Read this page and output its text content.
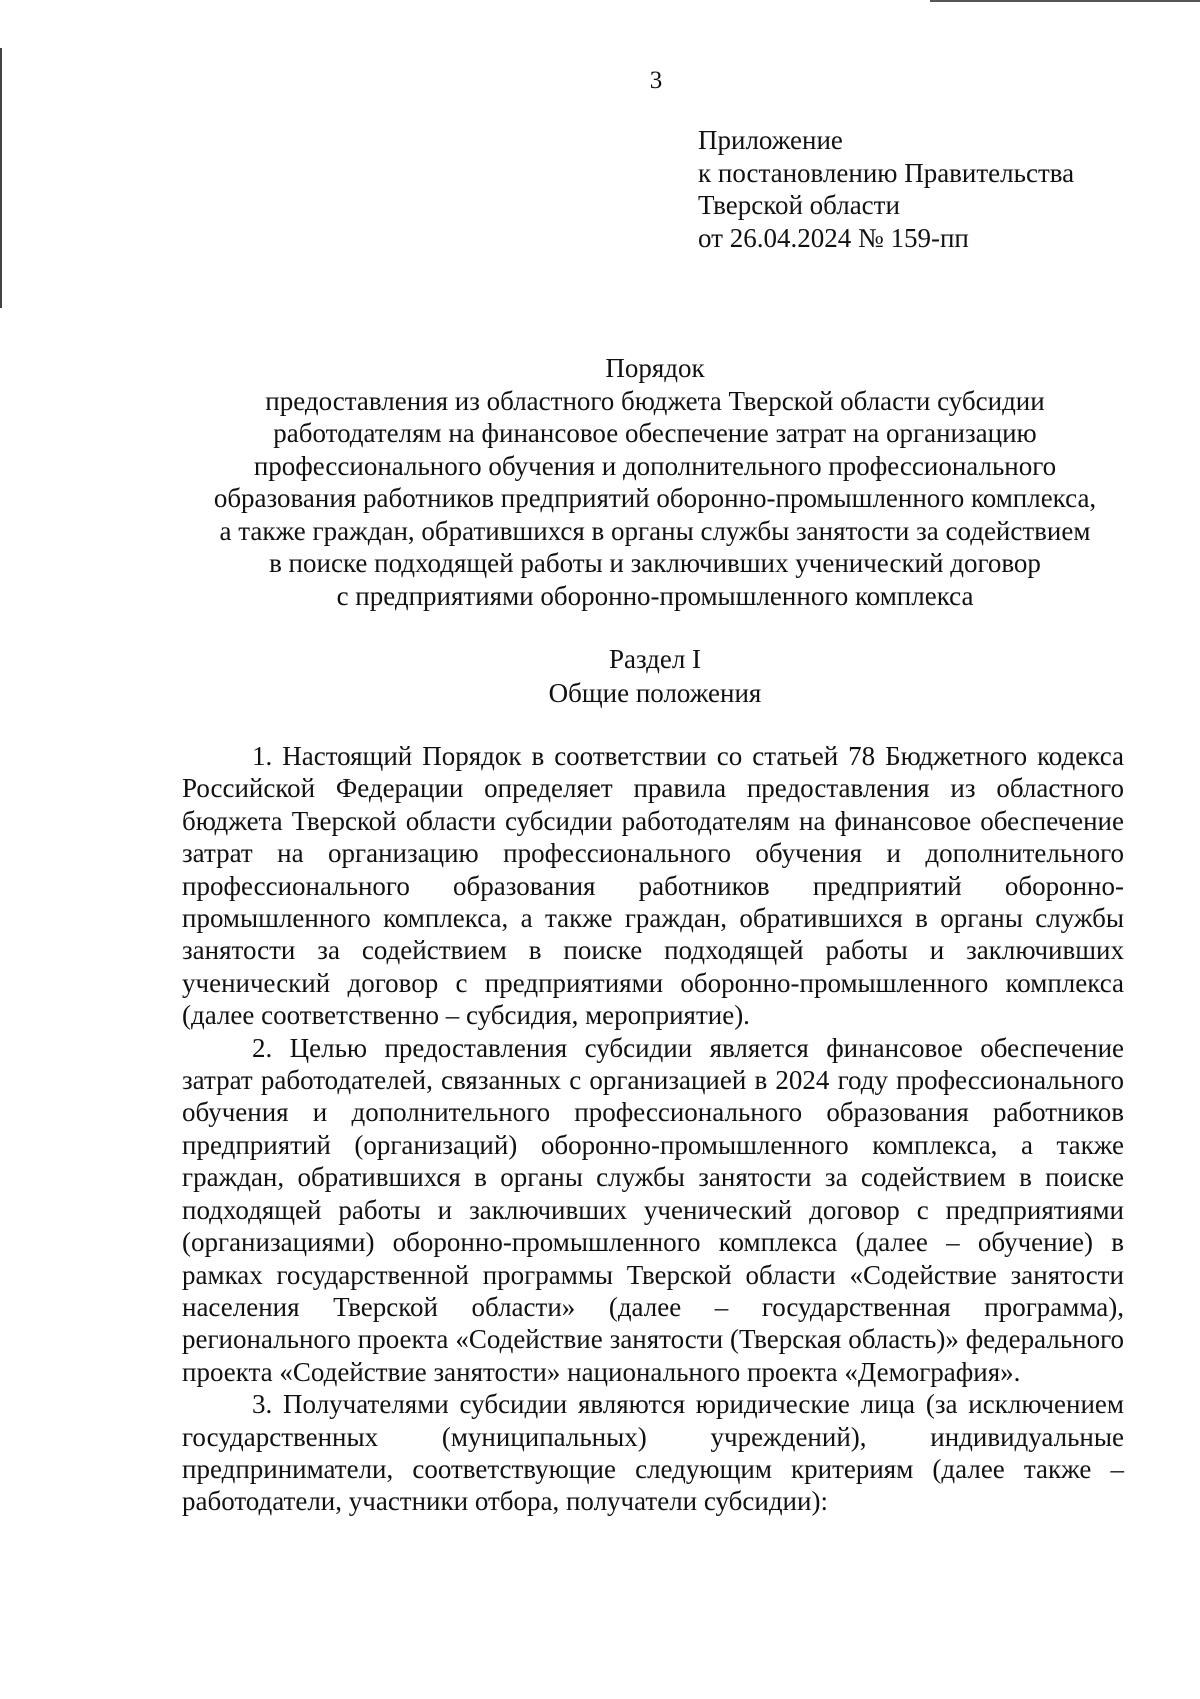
3
Приложение
к постановлению Правительства
Тверской области
от 26.04.2024 № 159-пп
Порядок
предоставления из областного бюджета Тверской области субсидии
работодателям на финансовое обеспечение затрат на организацию
профессионального обучения и дополнительного профессионального
образования работников предприятий оборонно-промышленного комплекса,
а также граждан, обратившихся в органы службы занятости за содействием
в поиске подходящей работы и заключивших ученический договор
с предприятиями оборонно-промышленного комплекса
Раздел I
Общие положения

1. Настоящий Порядок в соответствии со статьей 78 Бюджетного кодекса Российской Федерации определяет правила предоставления из областного бюджета Тверской области субсидии работодателям на финансовое обеспечение затрат на организацию профессионального обучения и дополнительного профессионального образования работников предприятий оборонно-промышленного комплекса, а также граждан, обратившихся в органы службы занятости за содействием в поиске подходящей работы и заключивших ученический договор с предприятиями оборонно-промышленного комплекса (далее соответственно – субсидия, мероприятие).

2. Целью предоставления субсидии является финансовое обеспечение затрат работодателей, связанных с организацией в 2024 году профессионального обучения и дополнительного профессионального образования работников предприятий (организаций) оборонно-промышленного комплекса, а также граждан, обратившихся в органы службы занятости за содействием в поиске подходящей работы и заключивших ученический договор с предприятиями (организациями) оборонно-промышленного комплекса (далее – обучение) в рамках государственной программы Тверской области «Содействие занятости населения Тверской области» (далее – государственная программа), регионального проекта «Содействие занятости (Тверская область)» федерального проекта «Содействие занятости» национального проекта «Демография».

3. Получателями субсидии являются юридические лица (за исключением государственных (муниципальных) учреждений), индивидуальные предприниматели, соответствующие следующим критериям (далее также – работодатели, участники отбора, получатели субсидии):
